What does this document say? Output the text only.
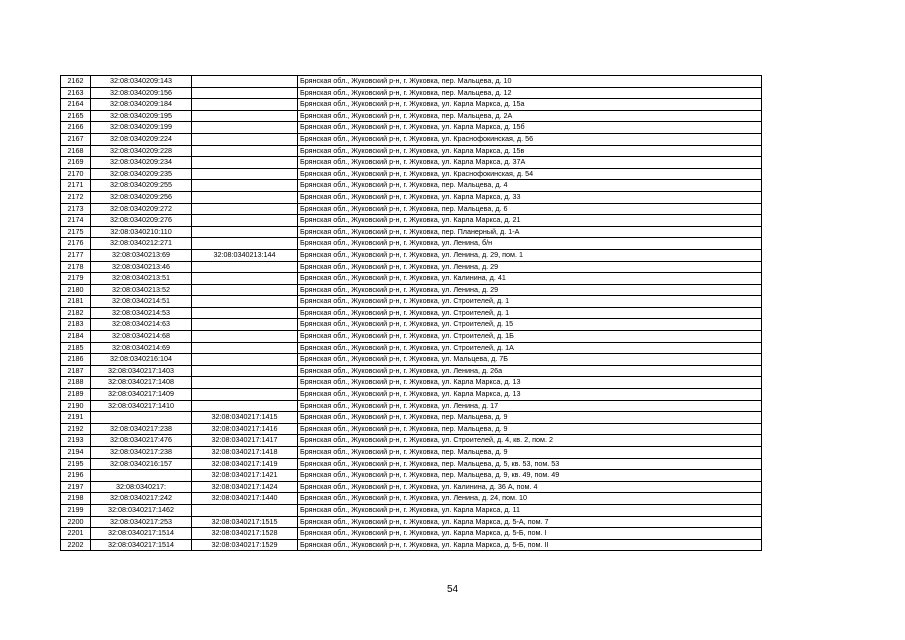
2162	32:08:0340209:143		Брянская обл., Жуковский р-н, г. Жуковка, пер. Мальцева, д. 10
2163	32:08:0340209:156		Брянская обл., Жуковский р-н, г. Жуковка, пер. Мальцева, д. 12
2164	32:08:0340209:184		Брянская обл., Жуковский р-н, г. Жуковка, ул. Карла Маркса, д. 15а
2165	32:08:0340209:195		Брянская обл., Жуковский р-н, г. Жуковка, пер. Мальцева, д. 2А
2166	32:08:0340209:199		Брянская обл., Жуковский р-н, г. Жуковка, ул. Карла Маркса, д. 15б
2167	32:08:0340209:224		Брянская обл., Жуковский р-н, г. Жуковка, ул. Краснофокинская, д. 56
2168	32:08:0340209:228		Брянская обл., Жуковский р-н, г. Жуковка, ул. Карла Маркса, д. 15в
2169	32:08:0340209:234		Брянская обл., Жуковский р-н, г. Жуковка, ул. Карла Маркса, д. 37А
2170	32:08:0340209:235		Брянская обл., Жуковский р-н, г. Жуковка, ул. Краснофокинская, д. 54
2171	32:08:0340209:255		Брянская обл., Жуковский р-н, г. Жуковка, пер. Мальцева, д. 4
2172	32:08:0340209:256		Брянская обл., Жуковский р-н, г. Жуковка, ул. Карла Маркса, д. 33
2173	32:08:0340209:272		Брянская обл., Жуковский р-н, г. Жуковка, пер. Мальцева, д. 6
2174	32:08:0340209:276		Брянская обл., Жуковский р-н, г. Жуковка, ул. Карла Маркса, д. 21
2175	32:08:0340210:110		Брянская обл., Жуковский р-н, г. Жуковка, пер. Планерный, д. 1-А
2176	32:08:0340212:271		Брянская обл., Жуковский р-н, г. Жуковка, ул. Ленина, б/н
2177	32:08:0340213:69	32:08:0340213:144	Брянская обл., Жуковский р-н, г. Жуковка, ул. Ленина, д. 29, пом. 1
2178	32:08:0340213:46		Брянская обл., Жуковский р-н, г. Жуковка, ул. Ленина, д. 29
2179	32:08:0340213:51		Брянская обл., Жуковский р-н, г. Жуковка, ул. Калинина, д. 41
2180	32:08:0340213:52		Брянская обл., Жуковский р-н, г. Жуковка, ул. Ленина, д. 29
2181	32:08:0340214:51		Брянская обл., Жуковский р-н, г. Жуковка, ул. Строителей, д. 1
2182	32:08:0340214:53		Брянская обл., Жуковский р-н, г. Жуковка, ул. Строителей, д. 1
2183	32:08:0340214:63		Брянская обл., Жуковский р-н, г. Жуковка, ул. Строителей, д. 15
2184	32:08:0340214:68		Брянская обл., Жуковский р-н, г. Жуковка, ул. Строителей, д. 1Б
2185	32:08:0340214:69		Брянская обл., Жуковский р-н, г. Жуковка, ул. Строителей, д. 1А
2186	32:08:0340216:104		Брянская обл., Жуковский р-н, г. Жуковка, ул. Мальцева, д. 7Б
2187	32:08:0340217:1403		Брянская обл., Жуковский р-н, г. Жуковка, ул. Ленина, д. 26а
2188	32:08:0340217:1408		Брянская обл., Жуковский р-н, г. Жуковка, ул. Карла Маркса, д. 13
2189	32:08:0340217:1409		Брянская обл., Жуковский р-н, г. Жуковка, ул. Карла Маркса, д. 13
2190	32:08:0340217:1410		Брянская обл., Жуковский р-н, г. Жуковка, ул. Ленина, д. 17
2191		32:08:0340217:1415	Брянская обл., Жуковский р-н, г. Жуковка, пер. Мальцева, д. 9
2192	32:08:0340217:238	32:08:0340217:1416	Брянская обл., Жуковский р-н, г. Жуковка, пер. Мальцева, д. 9
2193	32:08:0340217:476	32:08:0340217:1417	Брянская обл., Жуковский р-н, г. Жуковка, ул. Строителей, д. 4, кв. 2, пом. 2
2194	32:08:0340217:238	32:08:0340217:1418	Брянская обл., Жуковский р-н, г. Жуковка, пер. Мальцева, д. 9
2195	32:08:0340216:157	32:08:0340217:1419	Брянская обл., Жуковский р-н, г. Жуковка, пер. Мальцева, д. 5, кв. 53, пом. 53
2196		32:08:0340217:1421	Брянская обл., Жуковский р-н, г. Жуковка, пер. Мальцева, д. 9, кв. 49, пом. 49
2197	32:08:0340217:	32:08:0340217:1424	Брянская обл., Жуковский р-н, г. Жуковка, ул. Калинина, д. 36 А, пом. 4
2198	32:08:0340217:242	32:08:0340217:1440	Брянская обл., Жуковский р-н, г. Жуковка, ул. Ленина, д. 24, пом. 10
2199	32:08:0340217:1462		Брянская обл., Жуковский р-н, г. Жуковка, ул. Карла Маркса, д. 11
2200	32:08:0340217:253	32:08:0340217:1515	Брянская обл., Жуковский р-н, г. Жуковка, ул. Карла Маркса, д. 5-А, пом. 7
2201	32:08:0340217:1514	32:08:0340217:1528	Брянская обл., Жуковский р-н, г. Жуковка, ул. Карла Маркса, д. 5-Б, пом. I
2202	32:08:0340217:1514	32:08:0340217:1529	Брянская обл., Жуковский р-н, г. Жуковка, ул. Карла Маркса, д. 5-Б, пом. II
54
